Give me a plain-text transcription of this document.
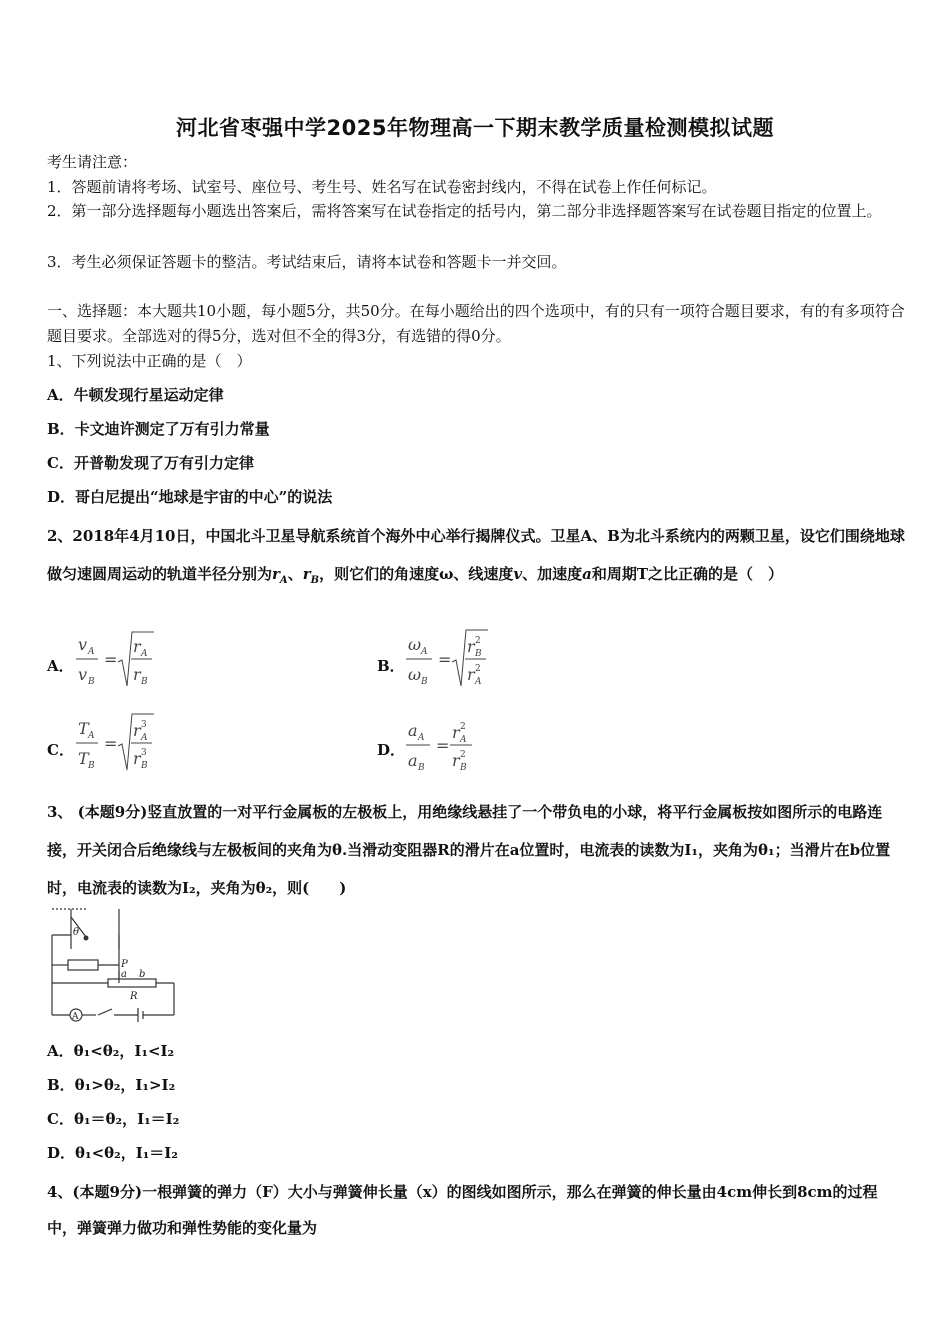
河北省枣强中学2025年物理高一下期末教学质量检测模拟试题
考生请注意：
1．答题前请将考场、试室号、座位号、考生号、姓名写在试卷密封线内，不得在试卷上作任何标记。
2．第一部分选择题每小题选出答案后，需将答案写在试卷指定的括号内，第二部分非选择题答案写在试卷题目指定的位置上。
3．考生必须保证答题卡的整洁。考试结束后，请将本试卷和答题卡一并交回。
一、选择题：本大题共10小题，每小题5分，共50分。在每小题给出的四个选项中，有的只有一项符合题目要求，有的有多项符合题目要求。全部选对的得5分，选对但不全的得3分，有选错的得0分。
1、下列说法中正确的是（　）
A．牛顿发现行星运动定律
B．卡文迪许测定了万有引力常量
C．开普勒发现了万有引力定律
D．哥白尼提出“地球是宇宙的中心”的说法
2、2018年4月10日，中国北斗卫星导航系统首个海外中心举行揭牌仪式。卫星A、B为北斗系统内的两颗卫星，设它们围绕地球做匀速圆周运动的轨道半径分别为$r_A$、$r_B$，则它们的角速度ω、线速度v、加速度a和周期T之比正确的是（　）
A．
v A
v B
=
r A
r B
B．
ω A
ω B
=
r B
2
r A
2
C．
T A
T B
=
r A
3
r B
3	D．
a A
a B
=
r A
2
r B
2
3、 (本题9分)竖直放置的一对平行金属板的左极板上，用绝缘线悬挂了一个带负电的小球，将平行金属板按如图所示的电路连接，开关闭合后绝缘线与左极板间的夹角为θ.当滑动变阻器R的滑片在a位置时，电流表的读数为I₁，夹角为θ₁；当滑片在b位置时，电流表的读数为I₂，夹角为θ₂，则(　　)
θ
P
a b
R
A
A．θ₁<θ₂，I₁<I₂
B．θ₁>θ₂，I₁>I₂
C．θ₁＝θ₂，I₁＝I₂
D．θ₁<θ₂，I₁＝I₂
4、(本题9分)一根弹簧的弹力（F）大小与弹簧伸长量（x）的图线如图所示，那么在弹簧的伸长量由4cm伸长到8cm的过程中，弹簧弹力做功和弹性势能的变化量为
